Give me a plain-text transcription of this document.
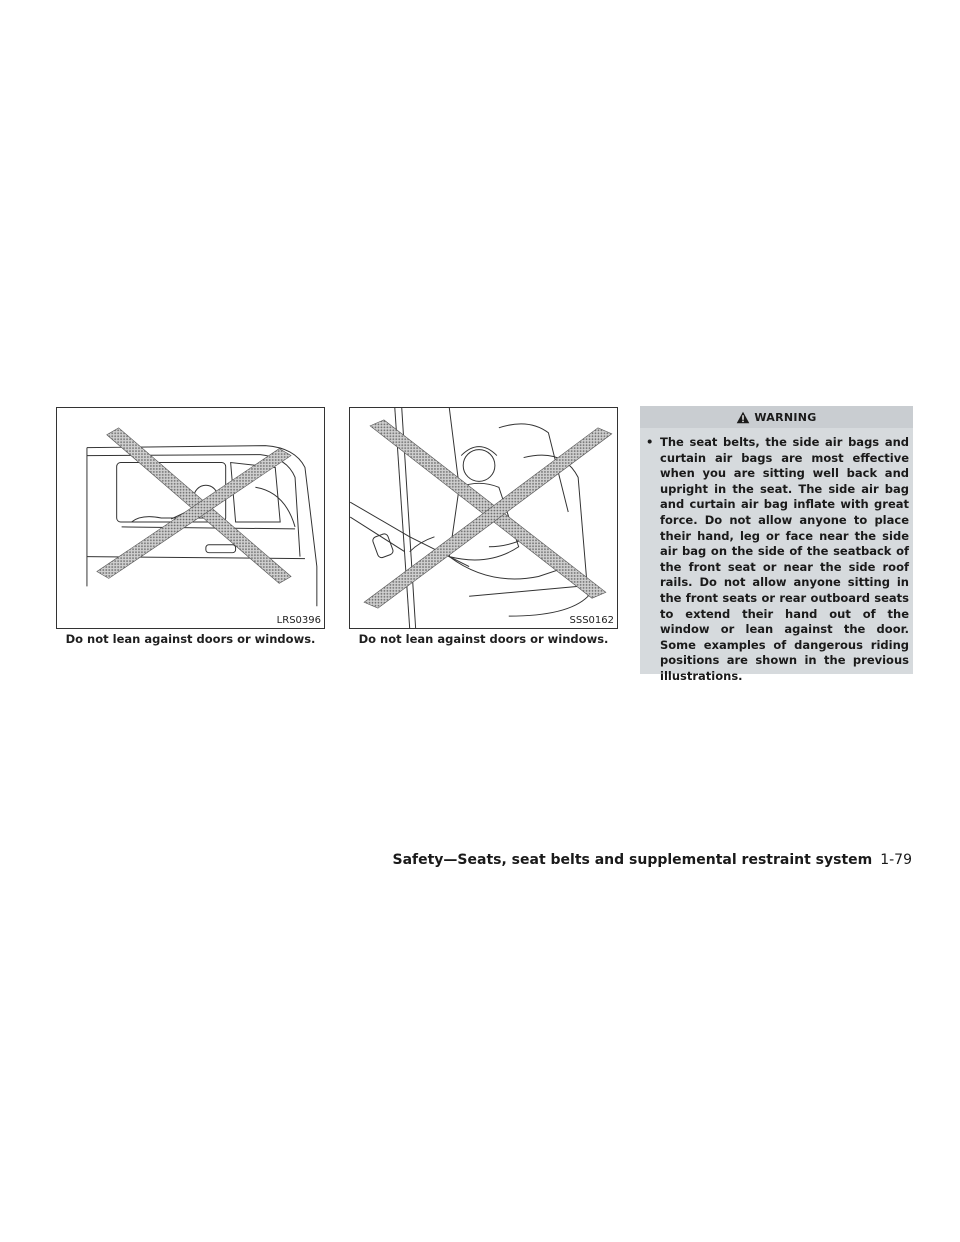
LRS0396
Do not lean against doors or windows.
SSS0162
Do not lean against doors or windows.
WARNING
• The seat belts, the side air bags and curtain air bags are most effective when you are sitting well back and upright in the seat. The side air bag and curtain air bag inflate with great force. Do not allow anyone to place their hand, leg or face near the side air bag on the side of the seatback of the front seat or near the side roof rails. Do not allow anyone sitting in the front seats or rear outboard seats to extend their hand out of the window or lean against the door. Some examples of dangerous riding positions are shown in the previous illustrations.

Safety—Seats, seat belts and supplemental restraint system 1-79
